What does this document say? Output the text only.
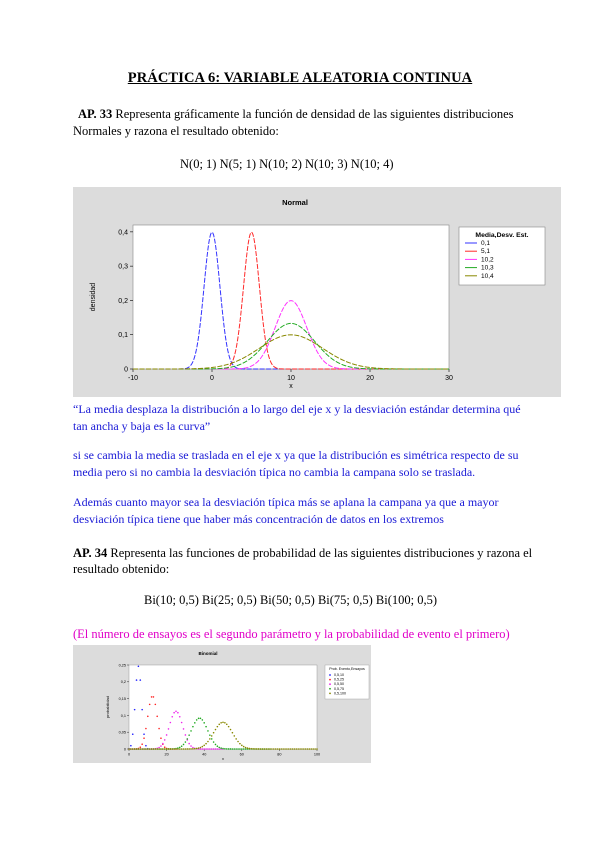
PRÁCTICA 6: VARIABLE ALEATORIA CONTINUA
AP. 33 Representa gráficamente la función de densidad de las siguientes distribuciones
Normales y razona el resultado obtenido:
N(0; 1) N(5; 1) N(10; 2) N(10; 3) N(10; 4)
Normal
-10	0	10	20	30
0
0,1
0,2
0,3
0,4
x
densidad
Media,Desv. Est.
0,1
5,1
10,2
10,3
10,4
“La media desplaza la distribución a lo largo del eje x y la desviación estándar determina qué
tan ancha y baja es la curva”
si se cambia la media se traslada en el eje x ya que la distribución es simétrica respecto de su
media pero si no cambia la desviación típica no cambia la campana solo se traslada.
Además cuanto mayor sea la desviación típica más se aplana la campana ya que a mayor
desviación típica tiene que haber más concentración de datos en los extremos
AP. 34 Representa las funciones de probabilidad de las siguientes distribuciones y razona el
resultado obtenido:
Bi(10; 0,5) Bi(25; 0,5) Bi(50; 0,5) Bi(75; 0,5) Bi(100; 0,5)
(El número de ensayos es el segundo parámetro y la probabilidad de evento el primero)
Binomial
0	20	40	60	80	100
0
0,05
0,1
0,15
0,2
0,25
x
probabilidad
Prob. Evento,Ensayos
0,5,10
0,5,25
0,5,50
0,5,75
0,5,100
